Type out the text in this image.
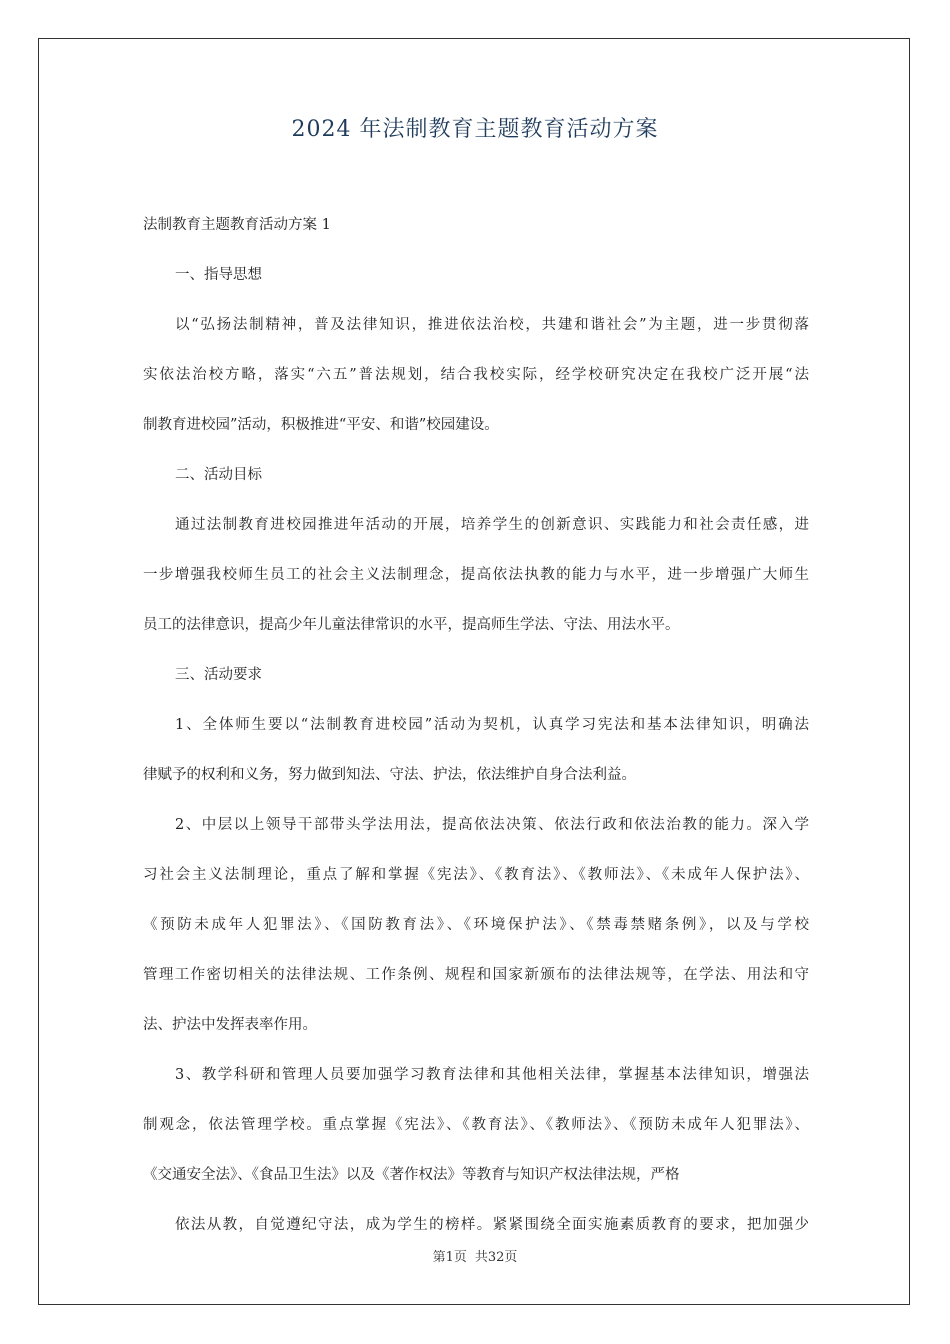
2024 年法制教育主题教育活动方案
法制教育主题教育活动方案 1
一、指导思想
以“弘扬法制精神，普及法律知识，推进依法治校，共建和谐社会”为主题，进一步贯彻落
实依法治校方略，落实“六五”普法规划，结合我校实际，经学校研究决定在我校广泛开展“法
制教育进校园”活动，积极推进“平安、和谐”校园建设。
二、活动目标
通过法制教育进校园推进年活动的开展，培养学生的创新意识、实践能力和社会责任感，进
一步增强我校师生员工的社会主义法制理念，提高依法执教的能力与水平，进一步增强广大师生
员工的法律意识，提高少年儿童法律常识的水平，提高师生学法、守法、用法水平。
三、活动要求
1、全体师生要以“法制教育进校园”活动为契机，认真学习宪法和基本法律知识，明确法
律赋予的权利和义务，努力做到知法、守法、护法，依法维护自身合法利益。
2、中层以上领导干部带头学法用法，提高依法决策、依法行政和依法治教的能力。深入学
习社会主义法制理论，重点了解和掌握《宪法》、《教育法》、《教师法》、《未成年人保护法》、
《预防未成年人犯罪法》、《国防教育法》、《环境保护法》、《禁毒禁赌条例》，以及与学校
管理工作密切相关的法律法规、工作条例、规程和国家新颁布的法律法规等，在学法、用法和守
法、护法中发挥表率作用。
3、教学科研和管理人员要加强学习教育法律和其他相关法律，掌握基本法律知识，增强法
制观念，依法管理学校。重点掌握《宪法》、《教育法》、《教师法》、《预防未成年人犯罪法》、
《交通安全法》、《食品卫生法》以及《著作权法》等教育与知识产权法律法规，严格
依法从教，自觉遵纪守法，成为学生的榜样。紧紧围绕全面实施素质教育的要求，把加强少
第1页 共32页
